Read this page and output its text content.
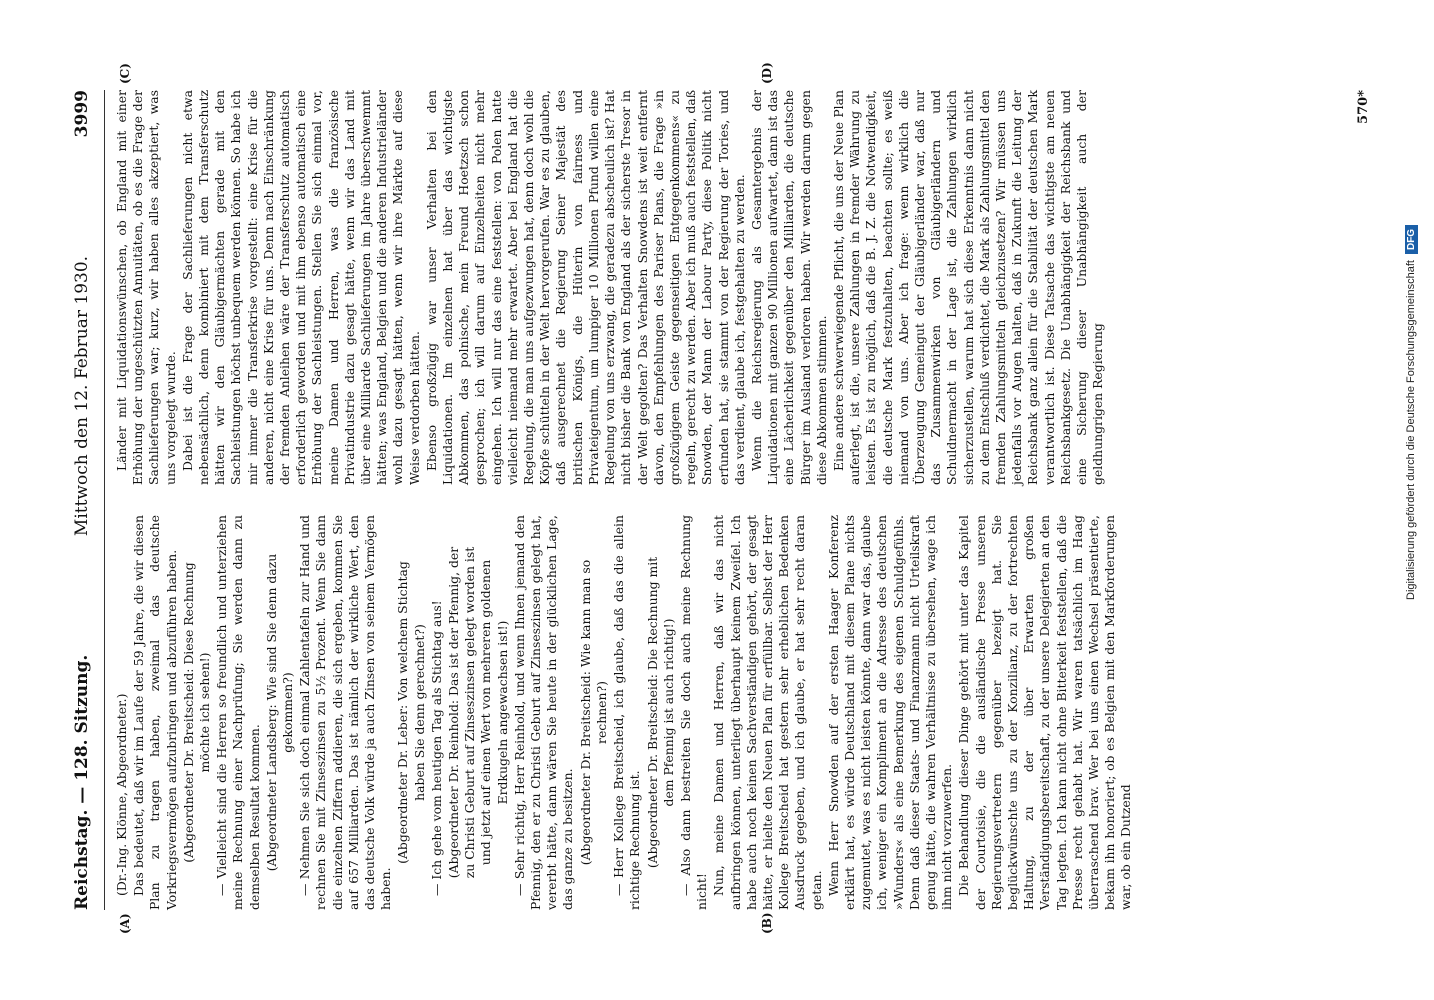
Reichstag. — 128. Sitzung.
Mittwoch den 12. Februar 1930.
3999
(A)	(B)
(C)	(D)

(Dr.-Ing. Klönne, Abgeordneter.) Das bedeutet, daß wir im Laufe der 59 Jahre, die wir diesen Plan zu tragen haben, zweimal das deutsche Vorkriegsvermögen aufzubringen und abzuführen haben. (Abgeordneter Dr. Breitscheid: Diese Rechnung möchte ich sehen!) — Vielleicht sind die Herren so freundlich und unterziehen meine Rechnung einer Nachprüfung; Sie werden dann zu demselben Resultat kommen. (Abgeordneter Landsberg: Wie sind Sie denn dazu gekommen?) — Nehmen Sie sich doch einmal Zahlentafeln zur Hand und rechnen Sie mit Zinseszinsen zu 5½ Prozent. Wenn Sie dann die einzelnen Ziffern addieren, die sich ergeben, kommen Sie auf 657 Milliarden. Das ist nämlich der wirkliche Wert, den das deutsche Volk würde ja auch Zinsen von seinem Vermögen haben.

(Abgeordneter Dr. Leber: Von welchem Stichtag haben Sie denn gerechnet?) — Ich gehe vom heutigen Tag als Stichtag aus! (Abgeordneter Dr. Reinhold: Das ist der Pfennig, der zu Christi Geburt auf Zinseszinsen gelegt worden ist und jetzt auf einen Wert von mehreren goldenen Erdkugeln angewachsen ist!) — Sehr richtig, Herr Reinhold, und wenn Ihnen jemand den Pfennig, den er zu Christi Geburt auf Zinseszinsen gelegt hat, vererbt hätte, dann wären Sie heute in der glücklichen Lage, das ganze zu besitzen. (Abgeordneter Dr. Breitscheid: Wie kann man so rechnen?) — Herr Kollege Breitscheid, ich glaube, daß das die allein richtige Rechnung ist. (Abgeordneter Dr. Breitscheid: Die Rechnung mit dem Pfennig ist auch richtig!) — Also dann bestreiten Sie doch auch meine Rechnung nicht! Nun, meine Damen und Herren, daß wir das nicht aufbringen können, unterliegt überhaupt keinem Zweifel. Ich habe auch noch keinen Sachverständigen gehört, der gesagt hätte, er hielte den Neuen Plan für erfüllbar. Selbst der Herr Kollege Breitscheid hat gestern sehr erheblichen Bedenken Ausdruck gegeben, und ich glaube, er hat sehr recht daran getan. Wenn Herr Snowden auf der ersten Haager Konferenz erklärt hat, es würde Deutschland mit diesem Plane nichts zugemutet, was es nicht leisten könnte, dann war das, glaube ich, weniger ein Kompliment an die Adresse des deutschen »Wunders« als eine Bemerkung des eigenen Schuldgefühls. Denn daß dieser Staats- und Finanzmann nicht Urteilskraft genug hätte, die wahren Verhältnisse zu übersehen, wage ich ihm nicht vorzuwerfen. Die Behandlung dieser Dinge gehört mit unter das Kapitel der Courtoisie, die die ausländische Presse unseren Regierungsvertretern gegenüber bezeigt hat. Sie beglückwünschte uns zu der Konzilianz, zu der fortrechten Haltung, zu der über Erwarten großen Verständigungsbereitschaft, zu der unsere Delegierten an den Tag legten. Ich kann nicht ohne Bitterkeit feststellen, daß die Presse recht gehabt hat. Wir waren tatsächlich im Haag überraschend brav. Wer bei uns einen Wechsel präsentierte, bekam ihn honoriert; ob es Belgien mit den Markforderungen war, ob ein Dutzend

Länder mit Liquidationswünschen, ob England mit einer Erhöhung der ungeschützten Annuitäten, ob es die Frage der Sachlieferungen war; kurz, wir haben alles akzeptiert, was uns vorgelegt wurde. Dabei ist die Frage der Sachlieferungen nicht etwa nebensächlich, denn kombiniert mit dem Transferschutz hätten wir den Gläubigermächten gerade mit den Sachleistungen höchst unbequem werden können. So habe ich mir immer die Transferkrise vorgestellt: eine Krise für die anderen, nicht eine Krise für uns. Denn nach Einschränkung der fremden Anleihen wäre der Transferschutz automatisch erforderlich geworden und mit ihm ebenso automatisch eine Erhöhung der Sachleistungen. Stellen Sie sich einmal vor, meine Damen und Herren, was die französische Privatindustrie dazu gesagt hätte, wenn wir das Land mit über eine Milliarde Sachlieferungen im Jahre überschwemmt hätten; was England, Belgien und die anderen Industrieländer wohl dazu gesagt hätten, wenn wir ihre Märkte auf diese Weise verdorben hätten. Ebenso großzügig war unser Verhalten bei den Liquidationen. Im einzelnen hat über das wichtigste Abkommen, das polnische, mein Freund Hoetzsch schon gesprochen; ich will darum auf Einzelheiten nicht mehr eingehen. Ich will nur das eine feststellen: von Polen hatte vielleicht niemand mehr erwartet. Aber bei England hat die Regelung, die man uns aufgezwungen hat, denn doch wohl die Köpfe schütteln in der Welt hervorgerufen. War es zu glauben, daß ausgerechnet die Regierung Seiner Majestät des britischen Königs, die Hüterin von fairness und Privateigentum, um lumpiger 10 Millionen Pfund willen eine Regelung von uns erzwang, die geradezu abscheulich ist? Hat nicht bisher die Bank von England als der sicherste Tresor in der Welt gegolten? Das Verhalten Snowdens ist weit entfernt davon, den Empfehlungen des Pariser Plans, die Frage »in großzügigem Geiste gegenseitigen Entgegenkommens« zu regeln, gerecht zu werden. Aber ich muß auch feststellen, daß Snowden, der Mann der Labour Party, diese Politik nicht erfunden hat, sie stammt von der Regierung der Tories, und das verdient, glaube ich, festgehalten zu werden. Wenn die Reichsregierung als Gesamtergebnis der Liquidationen mit ganzen 90 Millionen aufwartet, dann ist das eine Lächerlichkeit gegenüber den Milliarden, die deutsche Bürger im Ausland verloren haben. Wir werden darum gegen diese Abkommen stimmen. Eine andere schwerwiegende Pflicht, die uns der Neue Plan auferlegt, ist die, unsere Zahlungen in fremder Währung zu leisten. Es ist zu möglich, daß die B. J. Z. die Notwendigkeit, die deutsche Mark festzuhalten, beachten sollte; es weiß niemand von uns. Aber ich frage: wenn wirklich die Überzeugung Gemeingut der Gläubigerländer war, daß nur das Zusammenwirken von Gläubigerländern und Schuldnermacht in der Lage ist, die Zahlungen wirklich sicherzustellen, warum hat sich diese Erkenntnis dann nicht zu dem Entschluß verdichtet, die Mark als Zahlungsmittel den fremden Zahlungsmitteln gleichzusetzen? Wir müssen uns jedenfalls vor Augen halten, daß in Zukunft die Leitung der Reichsbank ganz allein für die Stabilität der deutschen Mark verantwortlich ist. Diese Tatsache das wichtigste am neuen Reichsbankgesetz. Die Unabhängigkeit der Reichsbank und eine Sicherung dieser Unabhängigkeit auch der geldhungrigen Regierung

570*
Digitalisierung gefördert durch die Deutsche Forschungsgemeinschaft
DFG
